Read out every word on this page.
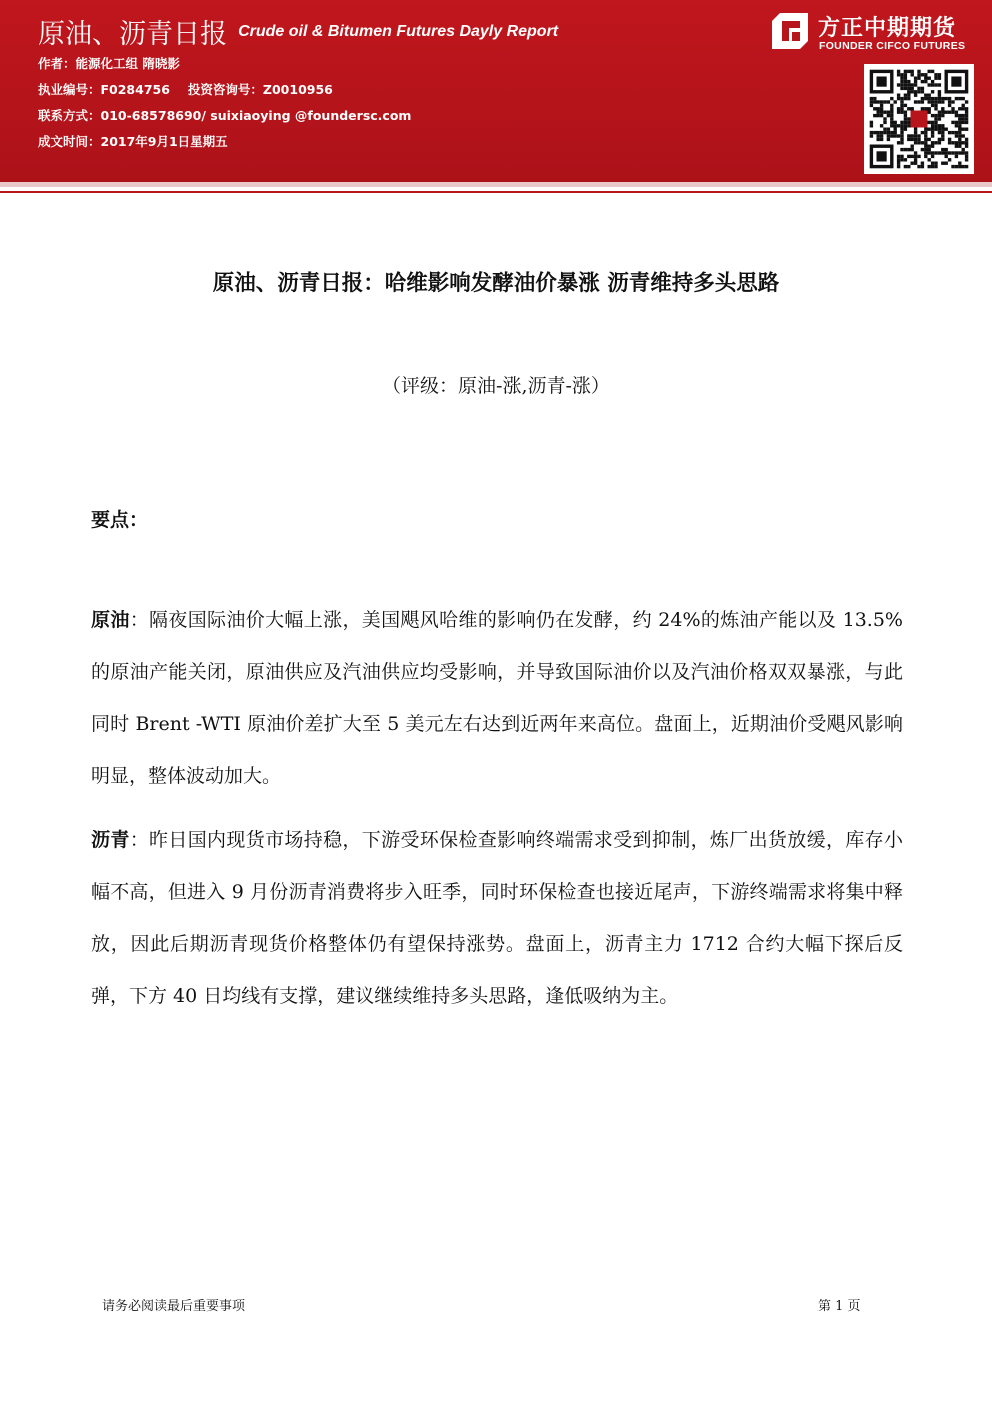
原油、沥青日报 Crude oil & Bitumen Futures Dayly Report
作者：能源化工组 隋晓影
执业编号：F0284756 投资咨询号：Z0010956
联系方式：010-68578690/ suixiaoying @foundersc.com
成文时间：2017年9月1日星期五
方正中期期货
FOUNDER CIFCO FUTURES
原油、沥青日报：哈维影响发酵油价暴涨 沥青维持多头思路
（评级：原油-涨,沥青-涨）
要点：
原油：隔夜国际油价大幅上涨，美国飓风哈维的影响仍在发酵，约 24%的炼油产能以及 13.5%的原油产能关闭，原油供应及汽油供应均受影响，并导致国际油价以及汽油价格双双暴涨，与此同时 Brent -WTI 原油价差扩大至 5 美元左右达到近两年来高位。盘面上，近期油价受飓风影响明显，整体波动加大。
沥青：昨日国内现货市场持稳，下游受环保检查影响终端需求受到抑制，炼厂出货放缓，库存小幅不高，但进入 9 月份沥青消费将步入旺季，同时环保检查也接近尾声，下游终端需求将集中释放，因此后期沥青现货价格整体仍有望保持涨势。盘面上，沥青主力 1712 合约大幅下探后反弹，下方 40 日均线有支撑，建议继续维持多头思路，逢低吸纳为主。
请务必阅读最后重要事项	第 1 页
